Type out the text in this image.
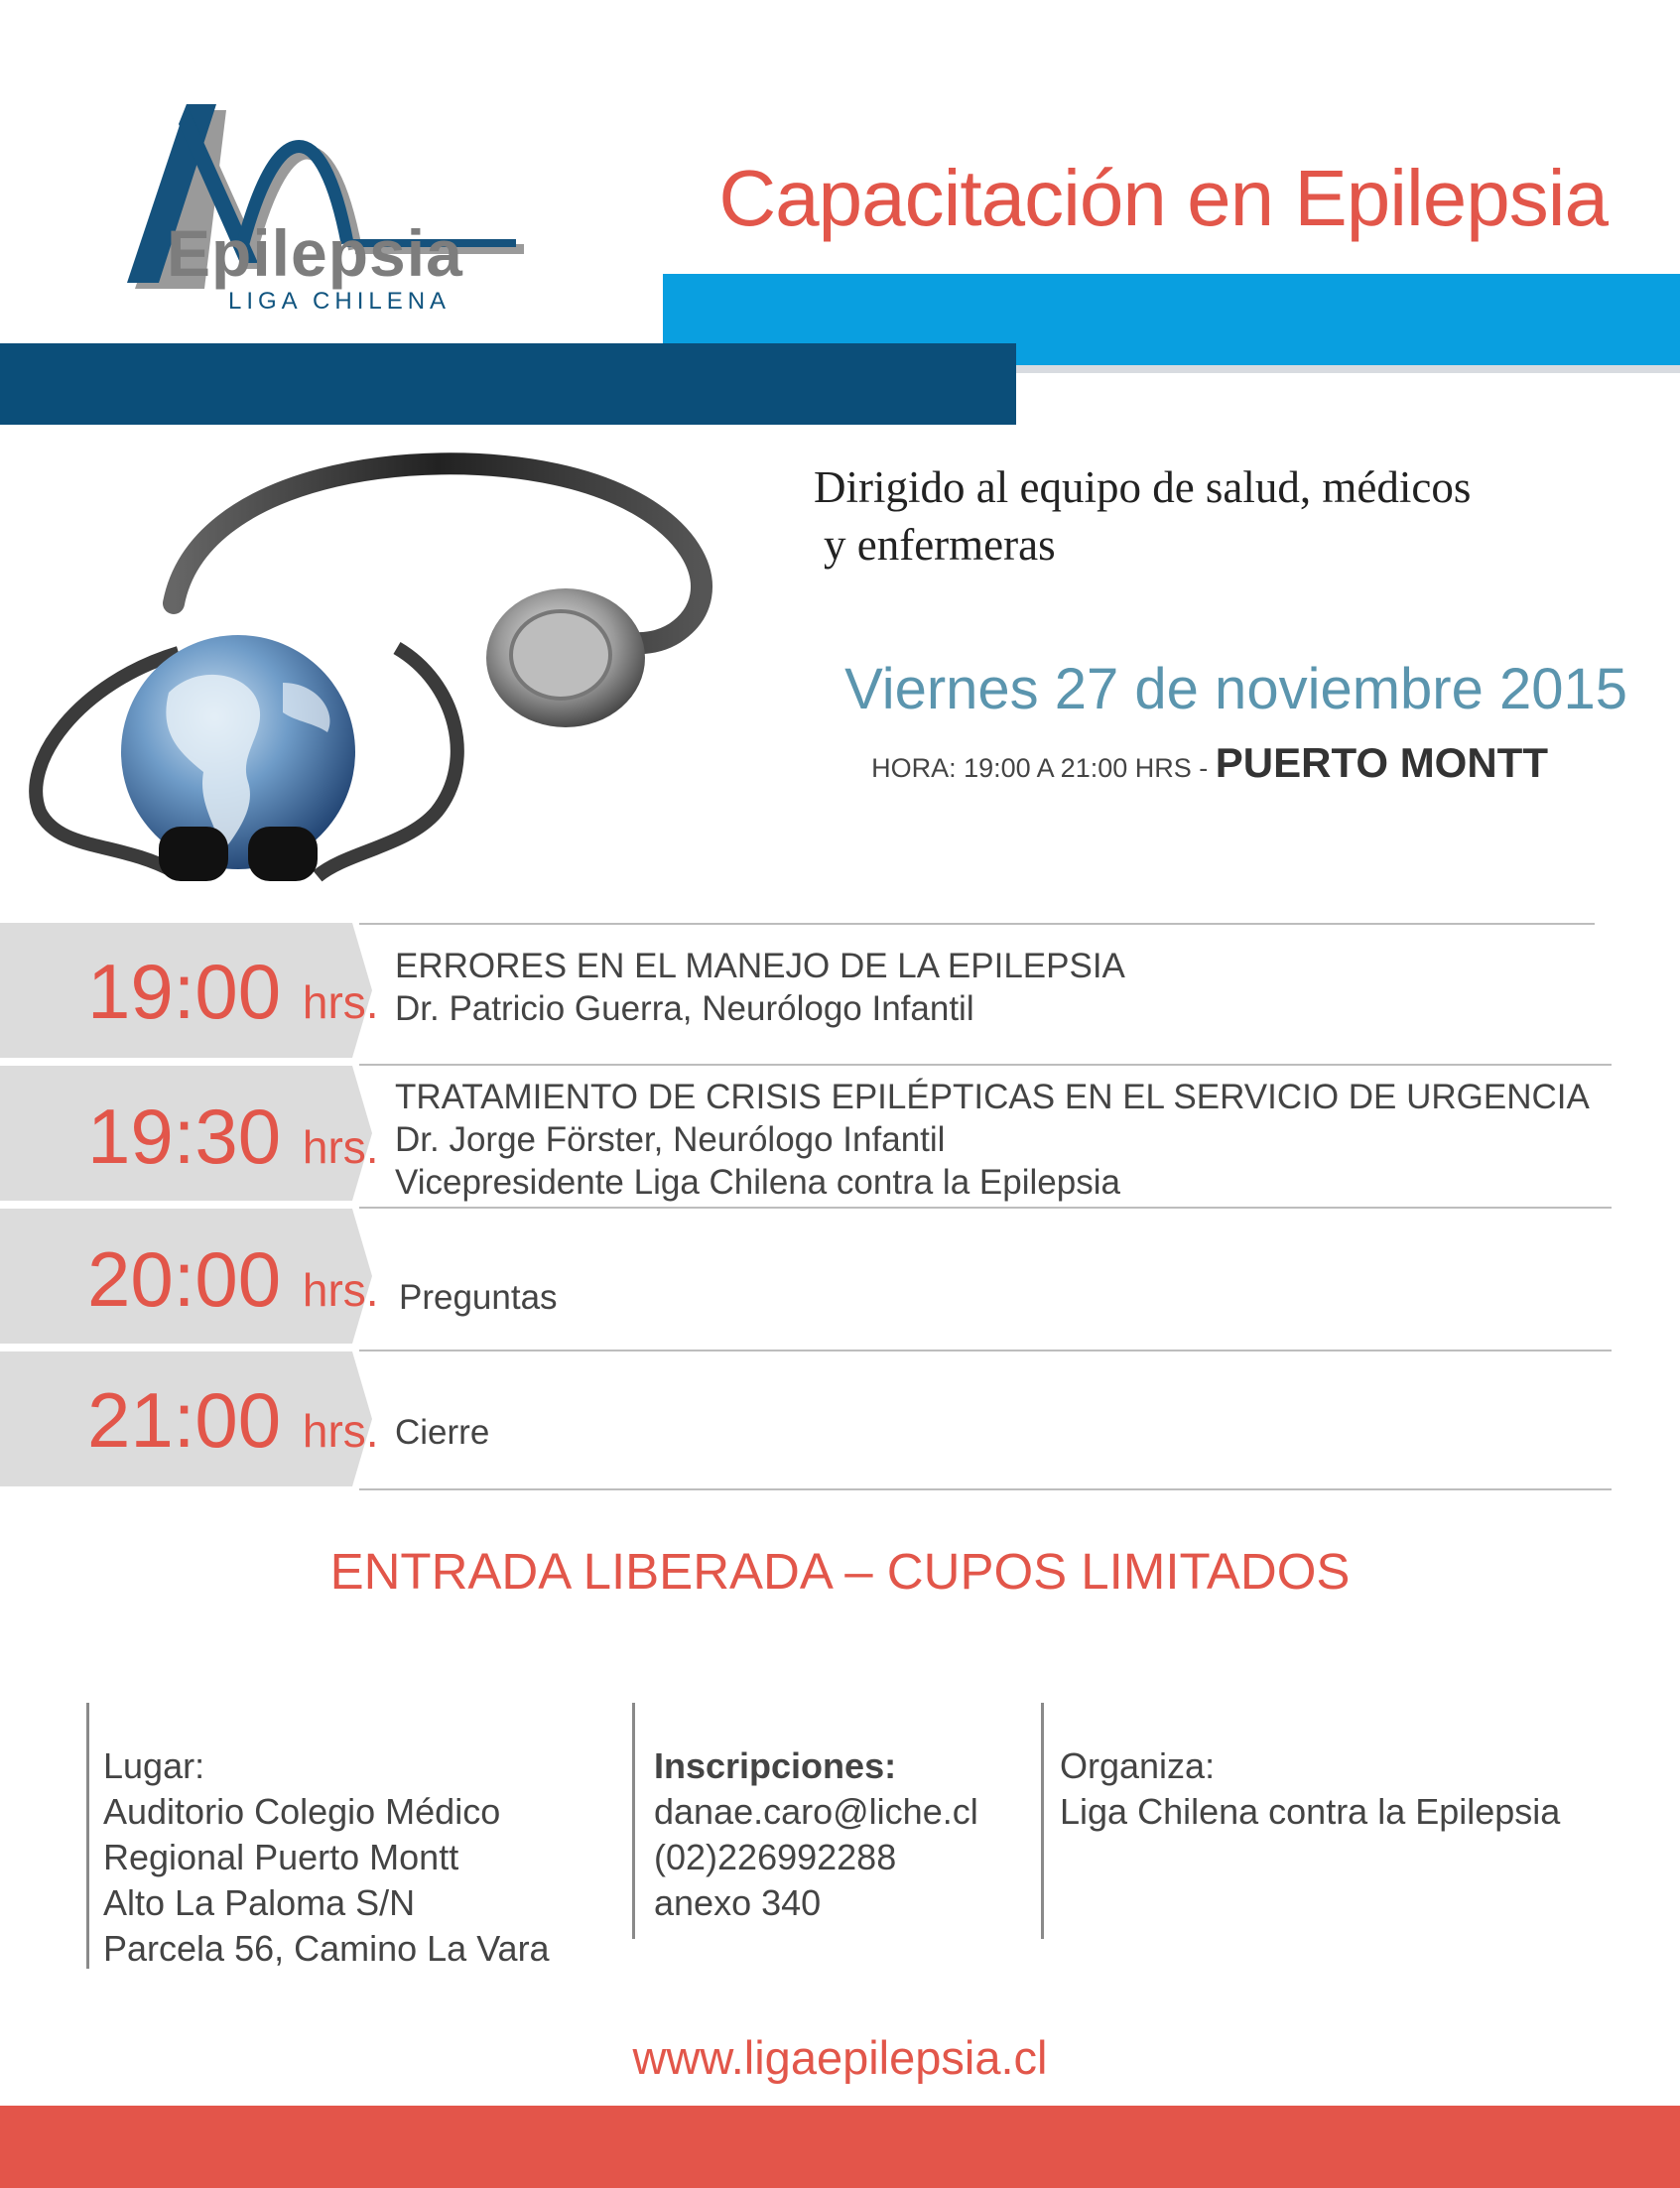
Epilepsia
LIGA CHILENA
Capacitación en Epilepsia
Dirigido al equipo de salud, médicos
y enfermeras
Viernes 27 de noviembre 2015
HORA: 19:00 A 21:00 HRS - PUERTO MONTT
19:00 hrs.
ERRORES EN EL MANEJO DE LA EPILEPSIA
Dr. Patricio Guerra, Neurólogo Infantil
19:30 hrs.
TRATAMIENTO DE CRISIS EPILÉPTICAS EN EL SERVICIO DE URGENCIA
Dr. Jorge Förster, Neurólogo Infantil
Vicepresidente Liga Chilena contra la Epilepsia
20:00 hrs. Preguntas
21:00 hrs. Cierre
ENTRADA LIBERADA – CUPOS LIMITADOS
Lugar:
Auditorio Colegio Médico
Regional Puerto Montt
Alto La Paloma S/N
Parcela 56, Camino La Vara
Inscripciones:
danae.caro@liche.cl
(02)226992288
anexo 340
Organiza:
Liga Chilena contra la Epilepsia
www.ligaepilepsia.cl
